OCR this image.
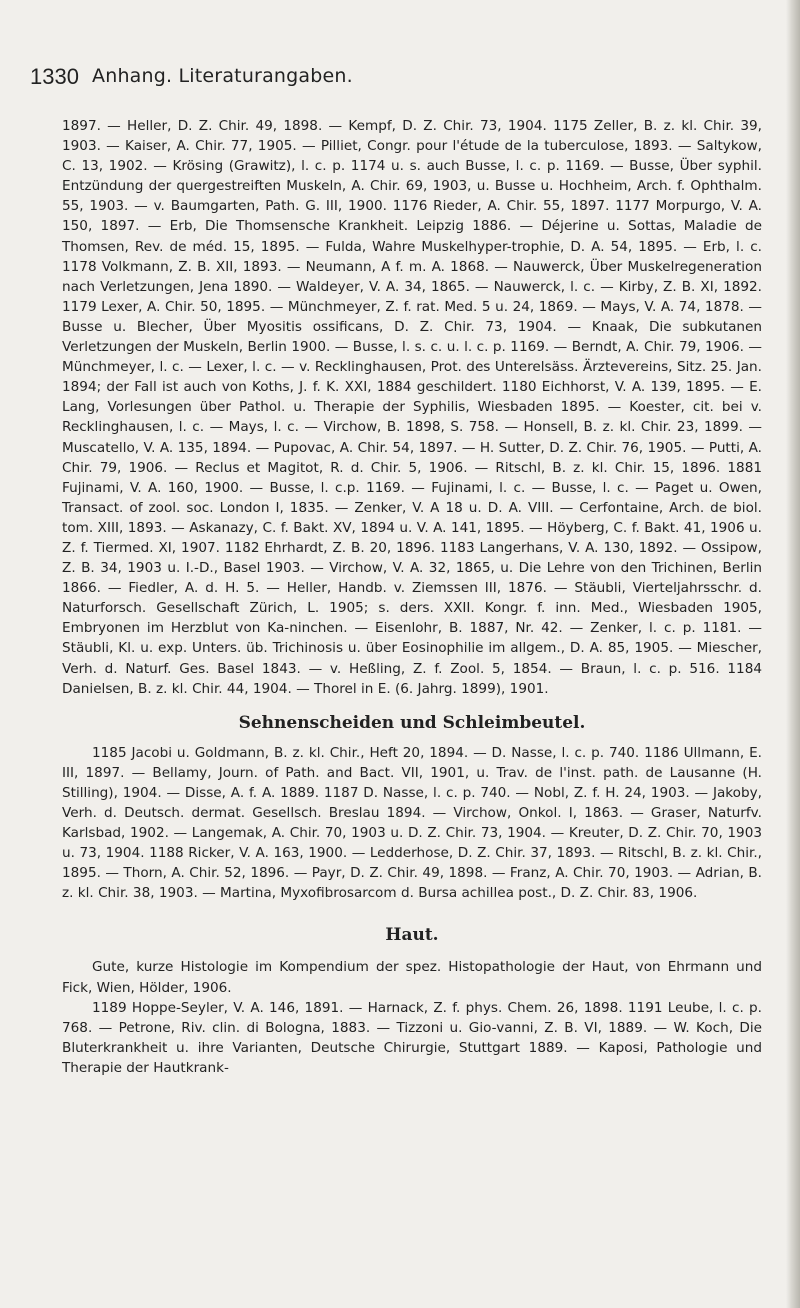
1330 Anhang. Literaturangaben.

1897. — Heller, D. Z. Chir. 49, 1898. — Kempf, D. Z. Chir. 73, 1904. 1175 Zeller, B. z. kl. Chir. 39, 1903. — Kaiser, A. Chir. 77, 1905. — Pilliet, Congr. pour l'étude de la tuberculose, 1893. — Saltykow, C. 13, 1902. — Krösing (Grawitz), l. c. p. 1174 u. s. auch Busse, l. c. p. 1169. — Busse, Über syphil. Entzündung der quergestreiften Muskeln, A. Chir. 69, 1903, u. Busse u. Hochheim, Arch. f. Ophthalm. 55, 1903. — v. Baumgarten, Path. G. III, 1900. 1176 Rieder, A. Chir. 55, 1897. 1177 Morpurgo, V. A. 150, 1897. — Erb, Die Thomsensche Krankheit. Leipzig 1886. — Déjerine u. Sottas, Maladie de Thomsen, Rev. de méd. 15, 1895. — Fulda, Wahre Muskelhyper-trophie, D. A. 54, 1895. — Erb, l. c. 1178 Volkmann, Z. B. XII, 1893. — Neumann, A f. m. A. 1868. — Nauwerck, Über Muskelregeneration nach Verletzungen, Jena 1890. — Waldeyer, V. A. 34, 1865. — Nauwerck, l. c. — Kirby, Z. B. XI, 1892. 1179 Lexer, A. Chir. 50, 1895. — Münchmeyer, Z. f. rat. Med. 5 u. 24, 1869. — Mays, V. A. 74, 1878. — Busse u. Blecher, Über Myositis ossificans, D. Z. Chir. 73, 1904. — Knaak, Die subkutanen Verletzungen der Muskeln, Berlin 1900. — Busse, l. s. c. u. l. c. p. 1169. — Berndt, A. Chir. 79, 1906. — Münchmeyer, l. c. — Lexer, l. c. — v. Recklinghausen, Prot. des Unterelsäss. Ärztevereins, Sitz. 25. Jan. 1894; der Fall ist auch von Koths, J. f. K. XXI, 1884 geschildert. 1180 Eichhorst, V. A. 139, 1895. — E. Lang, Vorlesungen über Pathol. u. Therapie der Syphilis, Wiesbaden 1895. — Koester, cit. bei v. Recklinghausen, l. c. — Mays, l. c. — Virchow, B. 1898, S. 758. — Honsell, B. z. kl. Chir. 23, 1899. — Muscatello, V. A. 135, 1894. — Pupovac, A. Chir. 54, 1897. — H. Sutter, D. Z. Chir. 76, 1905. — Putti, A. Chir. 79, 1906. — Reclus et Magitot, R. d. Chir. 5, 1906. — Ritschl, B. z. kl. Chir. 15, 1896. 1881 Fujinami, V. A. 160, 1900. — Busse, l. c.p. 1169. — Fujinami, l. c. — Busse, l. c. — Paget u. Owen, Transact. of zool. soc. London I, 1835. — Zenker, V. A 18 u. D. A. VIII. — Cerfontaine, Arch. de biol. tom. XIII, 1893. — Askanazy, C. f. Bakt. XV, 1894 u. V. A. 141, 1895. — Höyberg, C. f. Bakt. 41, 1906 u. Z. f. Tiermed. XI, 1907. 1182 Ehrhardt, Z. B. 20, 1896. 1183 Langerhans, V. A. 130, 1892. — Ossipow, Z. B. 34, 1903 u. I.-D., Basel 1903. — Virchow, V. A. 32, 1865, u. Die Lehre von den Trichinen, Berlin 1866. — Fiedler, A. d. H. 5. — Heller, Handb. v. Ziemssen III, 1876. — Stäubli, Vierteljahrsschr. d. Naturforsch. Gesellschaft Zürich, L. 1905; s. ders. XXII. Kongr. f. inn. Med., Wiesbaden 1905, Embryonen im Herzblut von Ka-ninchen. — Eisenlohr, B. 1887, Nr. 42. — Zenker, l. c. p. 1181. — Stäubli, Kl. u. exp. Unters. üb. Trichinosis u. über Eosinophilie im allgem., D. A. 85, 1905. — Miescher, Verh. d. Naturf. Ges. Basel 1843. — v. Heßling, Z. f. Zool. 5, 1854. — Braun, l. c. p. 516. 1184 Danielsen, B. z. kl. Chir. 44, 1904. — Thorel in E. (6. Jahrg. 1899), 1901.

Sehnenscheiden und Schleimbeutel.

1185 Jacobi u. Goldmann, B. z. kl. Chir., Heft 20, 1894. — D. Nasse, l. c. p. 740. 1186 Ullmann, E. III, 1897. — Bellamy, Journ. of Path. and Bact. VII, 1901, u. Trav. de l'inst. path. de Lausanne (H. Stilling), 1904. — Disse, A. f. A. 1889. 1187 D. Nasse, l. c. p. 740. — Nobl, Z. f. H. 24, 1903. — Jakoby, Verh. d. Deutsch. dermat. Gesellsch. Breslau 1894. — Virchow, Onkol. I, 1863. — Graser, Naturfv. Karlsbad, 1902. — Langemak, A. Chir. 70, 1903 u. D. Z. Chir. 73, 1904. — Kreuter, D. Z. Chir. 70, 1903 u. 73, 1904. 1188 Ricker, V. A. 163, 1900. — Ledderhose, D. Z. Chir. 37, 1893. — Ritschl, B. z. kl. Chir., 1895. — Thorn, A. Chir. 52, 1896. — Payr, D. Z. Chir. 49, 1898. — Franz, A. Chir. 70, 1903. — Adrian, B. z. kl. Chir. 38, 1903. — Martina, Myxofibrosarcom d. Bursa achillea post., D. Z. Chir. 83, 1906.

Haut.

Gute, kurze Histologie im Kompendium der spez. Histopathologie der Haut, von Ehrmann und Fick, Wien, Hölder, 1906.

1189 Hoppe-Seyler, V. A. 146, 1891. — Harnack, Z. f. phys. Chem. 26, 1898. 1191 Leube, l. c. p. 768. — Petrone, Riv. clin. di Bologna, 1883. — Tizzoni u. Gio-vanni, Z. B. VI, 1889. — W. Koch, Die Bluterkrankheit u. ihre Varianten, Deutsche Chirurgie, Stuttgart 1889. — Kaposi, Pathologie und Therapie der Hautkrank-
